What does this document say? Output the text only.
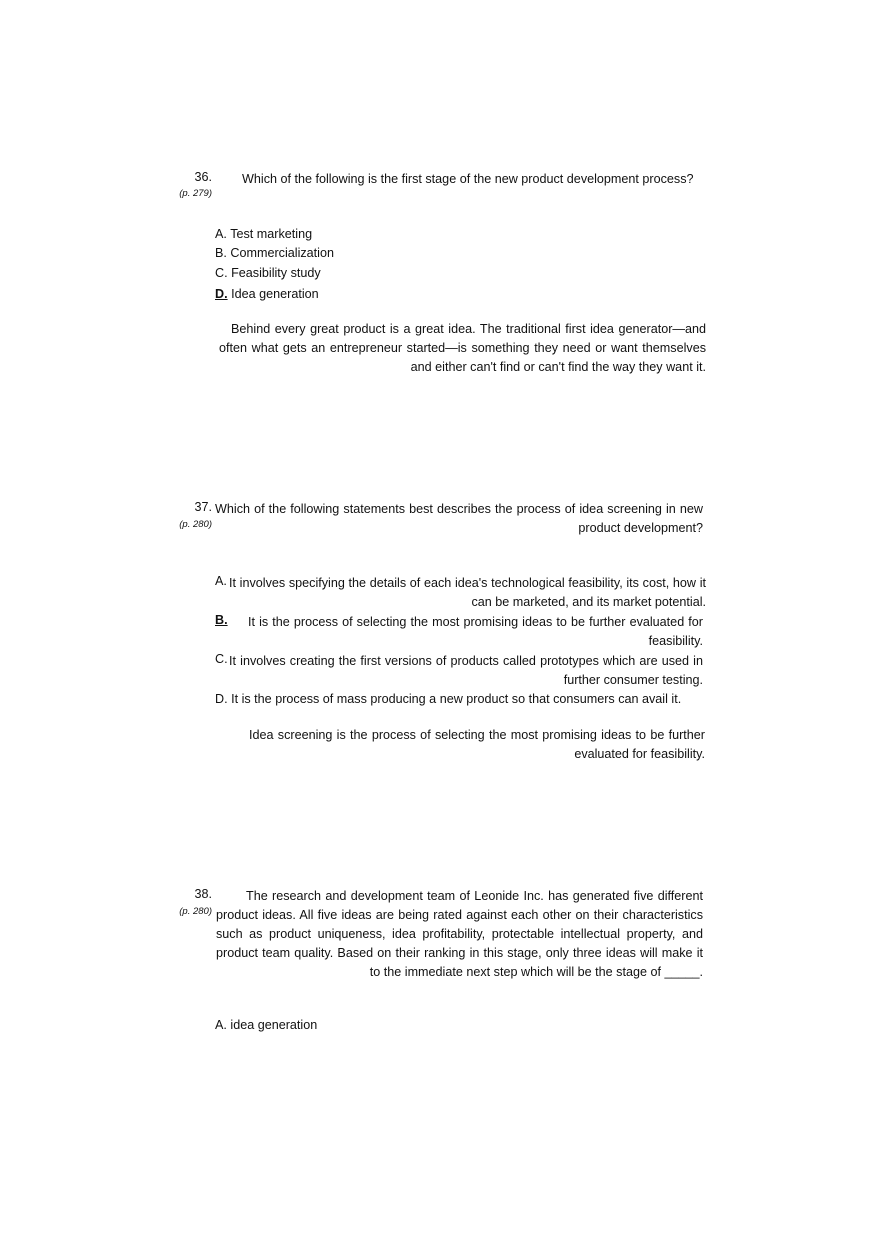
36.
(p. 279)
Which of the following is the first stage of the new product development process?
A. Test marketing
B. Commercialization
C. Feasibility study
D. Idea generation
Behind every great product is a great idea. The traditional first idea generator—and often what gets an entrepreneur started—is something they need or want themselves and either can't find or can't find the way they want it.
37.
(p. 280)
Which of the following statements best describes the process of idea screening in new product development?
A. It involves specifying the details of each idea's technological feasibility, its cost, how it can be marketed, and its market potential.
B. It is the process of selecting the most promising ideas to be further evaluated for feasibility.
C. It involves creating the first versions of products called prototypes which are used in further consumer testing.
D. It is the process of mass producing a new product so that consumers can avail it.
Idea screening is the process of selecting the most promising ideas to be further evaluated for feasibility.
38.
(p. 280)
The research and development team of Leonide Inc. has generated five different product ideas. All five ideas are being rated against each other on their characteristics such as product uniqueness, idea profitability, protectable intellectual property, and product team quality. Based on their ranking in this stage, only three ideas will make it to the immediate next step which will be the stage of _____.
A. idea generation
